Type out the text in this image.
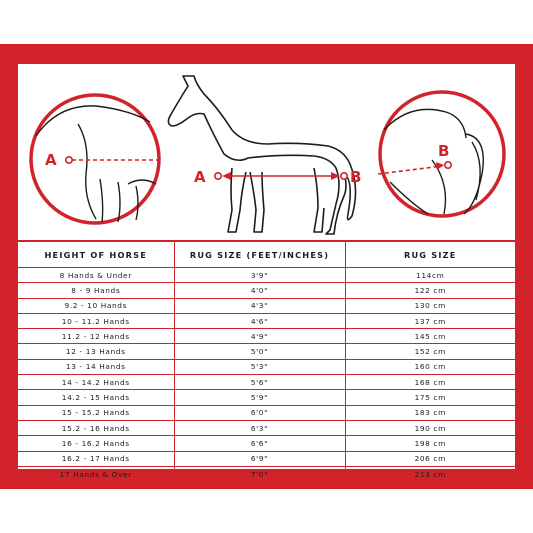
A
A	B
B
HEIGHT OF HORSE	RUG SIZE (FEET/INCHES)	RUG SIZE
8 Hands & Under	3'9"	114cm
8 - 9 Hands	4'0"	122 cm
9.2 - 10 Hands	4'3"	130 cm
10 - 11.2 Hands	4'6"	137 cm
11.2 - 12 Hands	4'9"	145 cm
12 - 13 Hands	5'0"	152 cm
13 - 14 Hands	5'3"	160 cm
14 - 14.2 Hands	5'6"	168 cm
14.2 - 15 Hands	5'9"	175 cm
15 - 15.2 Hands	6'0"	183 cm
15.2 - 16 Hands	6'3"	190 cm
16 - 16.2 Hands	6'6"	198 cm
16.2 - 17 Hands	6'9"	206 cm
17 Hands & Over	7'0"	213 cm
